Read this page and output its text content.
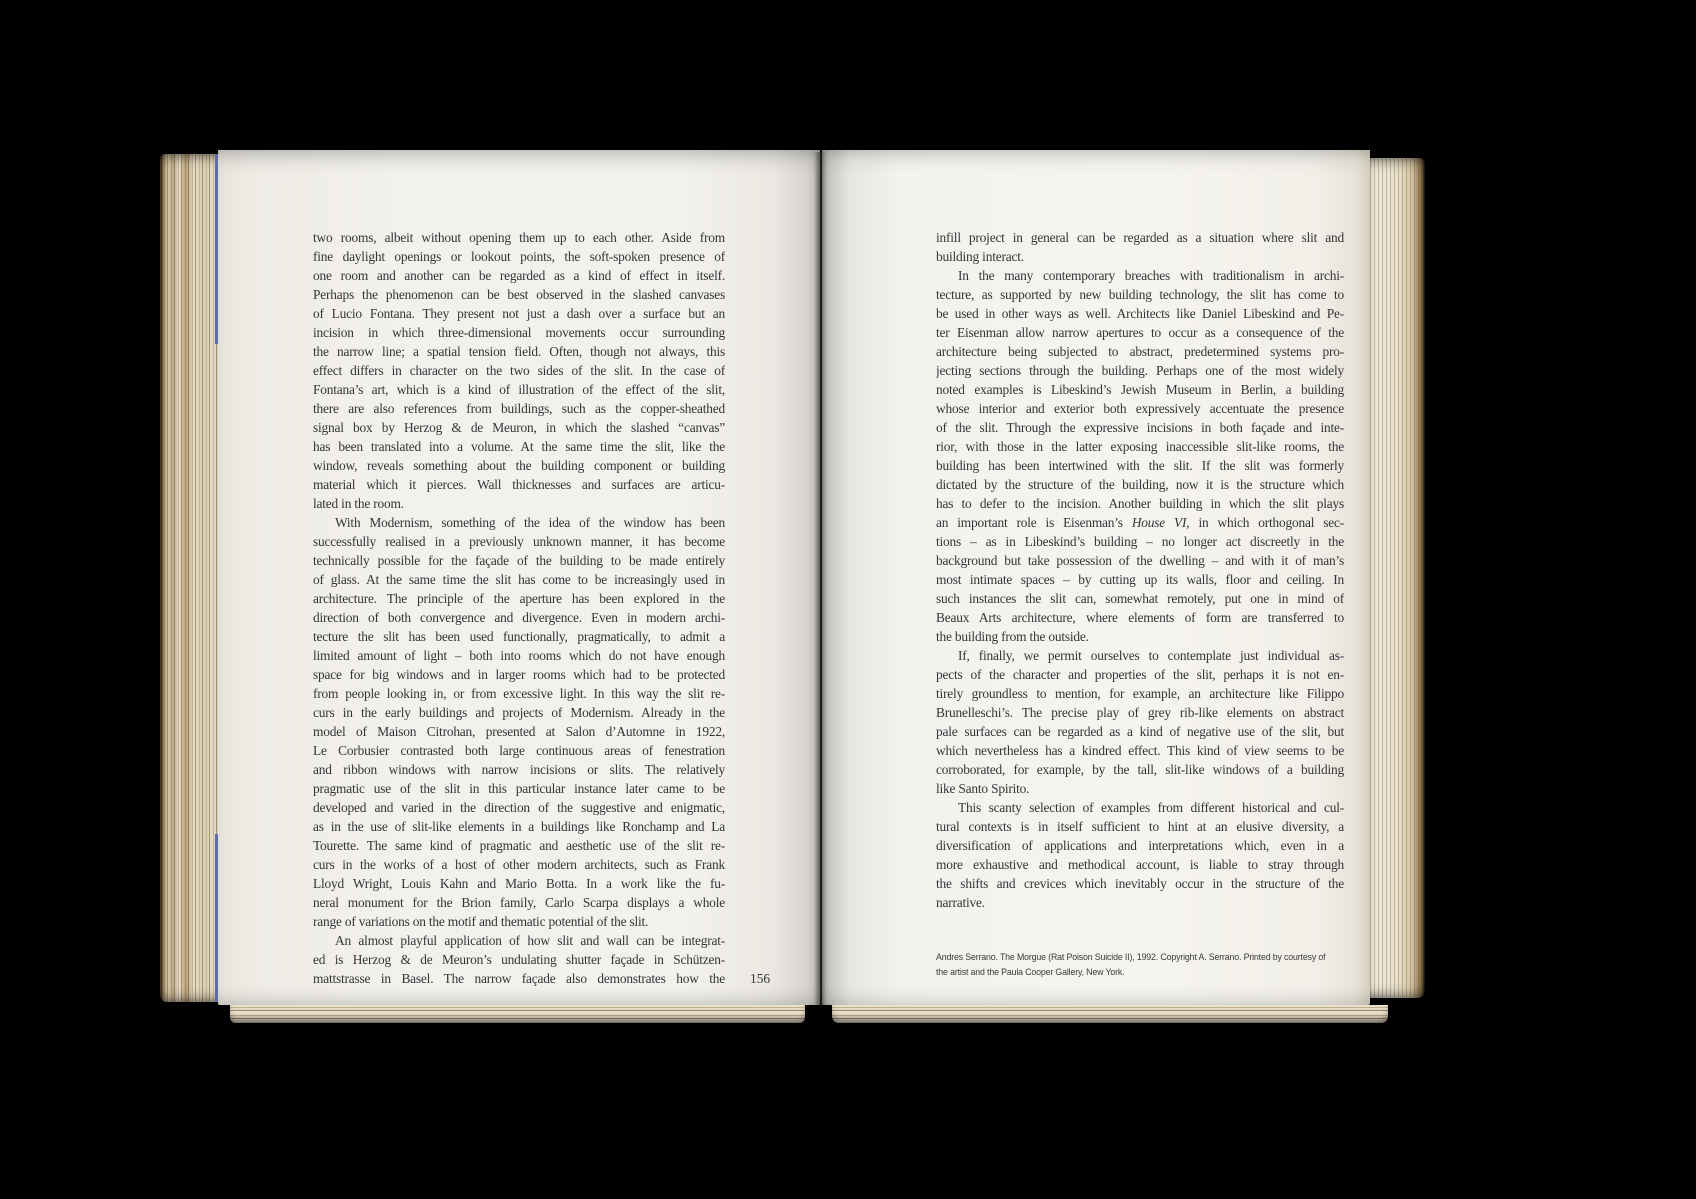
two rooms, albeit without opening them up to each other. Aside from
fine daylight openings or lookout points, the soft-spoken presence of
one room and another can be regarded as a kind of effect in itself.
Perhaps the phenomenon can be best observed in the slashed canvases
of Lucio Fontana. They present not just a dash over a surface but an
incision in which three-dimensional movements occur surrounding
the narrow line; a spatial tension field. Often, though not always, this
effect differs in character on the two sides of the slit. In the case of
Fontana’s art, which is a kind of illustration of the effect of the slit,
there are also references from buildings, such as the copper-sheathed
signal box by Herzog & de Meuron, in which the slashed “canvas”
has been translated into a volume. At the same time the slit, like the
window, reveals something about the building component or building
material which it pierces. Wall thicknesses and surfaces are articu-
lated in the room.
With Modernism, something of the idea of the window has been
successfully realised in a previously unknown manner, it has become
technically possible for the façade of the building to be made entirely
of glass. At the same time the slit has come to be increasingly used in
architecture. The principle of the aperture has been explored in the
direction of both convergence and divergence. Even in modern archi-
tecture the slit has been used functionally, pragmatically, to admit a
limited amount of light – both into rooms which do not have enough
space for big windows and in larger rooms which had to be protected
from people looking in, or from excessive light. In this way the slit re-
curs in the early buildings and projects of Modernism. Already in the
model of Maison Citrohan, presented at Salon d’Automne in 1922,
Le Corbusier contrasted both large continuous areas of fenestration
and ribbon windows with narrow incisions or slits. The relatively
pragmatic use of the slit in this particular instance later came to be
developed and varied in the direction of the suggestive and enigmatic,
as in the use of slit-like elements in a buildings like Ronchamp and La
Tourette. The same kind of pragmatic and aesthetic use of the slit re-
curs in the works of a host of other modern architects, such as Frank
Lloyd Wright, Louis Kahn and Mario Botta. In a work like the fu-
neral monument for the Brion family, Carlo Scarpa displays a whole
range of variations on the motif and thematic potential of the slit.
An almost playful application of how slit and wall can be integrat-
ed is Herzog & de Meuron’s undulating shutter façade in Schützen-
mattstrasse in Basel. The narrow façade also demonstrates how the 156
infill project in general can be regarded as a situation where slit and
building interact.
In the many contemporary breaches with traditionalism in archi-
tecture, as supported by new building technology, the slit has come to
be used in other ways as well. Architects like Daniel Libeskind and Pe-
ter Eisenman allow narrow apertures to occur as a consequence of the
architecture being subjected to abstract, predetermined systems pro-
jecting sections through the building. Perhaps one of the most widely
noted examples is Libeskind’s Jewish Museum in Berlin, a building
whose interior and exterior both expressively accentuate the presence
of the slit. Through the expressive incisions in both façade and inte-
rior, with those in the latter exposing inaccessible slit-like rooms, the
building has been intertwined with the slit. If the slit was formerly
dictated by the structure of the building, now it is the structure which
has to defer to the incision. Another building in which the slit plays
an important role is Eisenman’s House VI, in which orthogonal sec-
tions – as in Libeskind’s building – no longer act discreetly in the
background but take possession of the dwelling – and with it of man’s
most intimate spaces – by cutting up its walls, floor and ceiling. In
such instances the slit can, somewhat remotely, put one in mind of
Beaux Arts architecture, where elements of form are transferred to
the building from the outside.
If, finally, we permit ourselves to contemplate just individual as-
pects of the character and properties of the slit, perhaps it is not en-
tirely groundless to mention, for example, an architecture like Filippo
Brunelleschi’s. The precise play of grey rib-like elements on abstract
pale surfaces can be regarded as a kind of negative use of the slit, but
which nevertheless has a kindred effect. This kind of view seems to be
corroborated, for example, by the tall, slit-like windows of a building
like Santo Spirito.
This scanty selection of examples from different historical and cul-
tural contexts is in itself sufficient to hint at an elusive diversity, a
diversification of applications and interpretations which, even in a
more exhaustive and methodical account, is liable to stray through
the shifts and crevices which inevitably occur in the structure of the
narrative.
Andres Serrano. The Morgue (Rat Poison Suicide II), 1992. Copyright A. Serrano. Printed by courtesy of
the artist and the Paula Cooper Gallery, New York.
